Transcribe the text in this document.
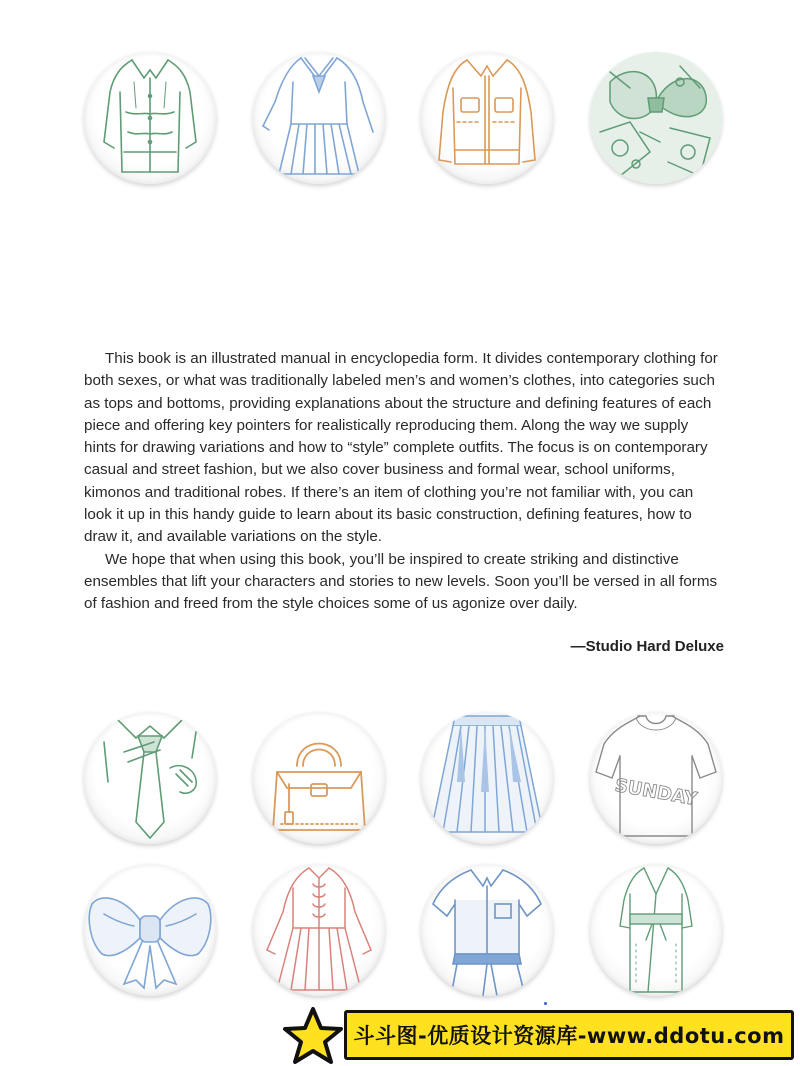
This book is an illustrated manual in encyclopedia form. It divides contemporary clothing for both sexes, or what was traditionally labeled men’s and women’s clothes, into categories such as tops and bottoms, providing explanations about the structure and defining features of each piece and offering key pointers for realistically reproducing them. Along the way we supply hints for drawing variations and how to “style” complete outfits. The focus is on contemporary casual and street fashion, but we also cover business and formal wear, school uniforms, kimonos and traditional robes. If there’s an item of clothing you’re not familiar with, you can look it up in this handy guide to learn about its basic construction, defining features, how to draw it, and available variations on the style.

We hope that when using this book, you’ll be inspired to create striking and distinctive ensembles that lift your characters and stories to new levels. Soon you’ll be versed in all forms of fashion and freed from the style choices some of us agonize over daily.

—Studio Hard Deluxe
SUNDAY
斗斗图-优质设计资源库-www.ddotu.com
